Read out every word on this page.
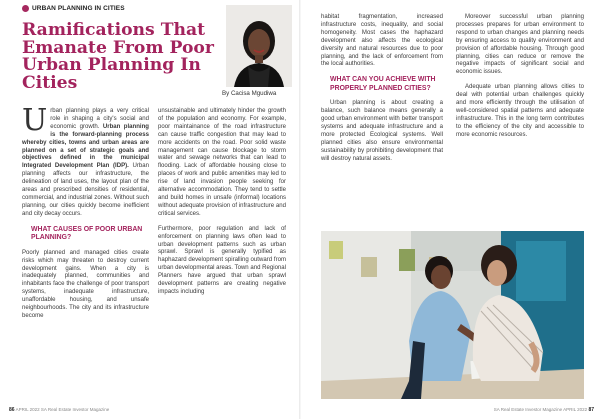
URBAN PLANNING IN CITIES
Ramifications That Emanate From Poor Urban Planning In Cities
By Cacisa Mgudiwa

Urban planning plays a very critical role in shaping a city's social and economic growth. Urban planning is the forward-planning process whereby cities, towns and urban areas are planned on a set of strategic goals and objectives defined in the municipal Integrated Development Plan (IDP). Urban planning affects our infrastructure, the delineation of land uses, the layout plan of the areas and prescribed densities of residential, commercial, and industrial zones. Without such planning, our cities quickly become inefficient and city decay occurs.

WHAT CAUSES OF POOR URBAN PLANNING?

Poorly planned and managed cities create risks which may threaten to destroy current development gains. When a city is inadequately planned, communities and inhabitants face the challenge of poor transport systems, inadequate infrastructure, unaffordable housing, and unsafe neighbourhoods. The city and its infrastructure become

unsustainable and ultimately hinder the growth of the population and economy. For example, poor maintainance of the road infrastructure can cause traffic congestion that may lead to more accidents on the road. Poor solid waste management can cause blockage to storm water and sewage networks that can lead to flooding. Lack of affordable housing close to places of work and public amenities may led to rise of land invasion people seeking for alternative accommodation. They tend to settle and build homes in unsafe (informal) locations without adequate provision of infrastructure and critical services.

Furthermore, poor regulation and lack of enforcement on planning laws often lead to urban development patterns such as urban sprawl. Sprawl is generally typified as haphazard development spiralling outward from urban developmental areas. Town and Regional Planners have argued that urban sprawl development patterns are creating negative impacts including

86 APRIL 2022 SA Real Estate Investor Magazine

habitat fragmentation, increased infrastructure costs, inequality, and social homogeneity. Most cases the haphazard development also affects the ecological diversity and natural resources due to poor planning, and the lack of enforcement from the local authorities.

WHAT CAN YOU ACHIEVE WITH PROPERLY PLANNED CITIES?

Urban planning is about creating a balance, such balance means generally a good urban environment with better transport systems and adequate infrastructure and a more protected Ecological systems. Well planned cities also ensure environmental sustainability by prohibiting development that will destroy natural assets.

Moreover successful urban planning processes prepares for urban environment to respond to urban changes and planning needs by ensuring access to quality environment and provision of affordable housing. Through good planning, cities can reduce or remove the negative impacts of significant social and economic issues.

Adequate urban planning allows cities to deal with potential urban challenges quickly and more efficiently through the utilisation of well-considered spatial patterns and adequate infrastructure. This in the long term contributes to the efficiency of the city and accessible to more economic resources.

SA Real Estate Investor Magazine APRIL 2022 87
